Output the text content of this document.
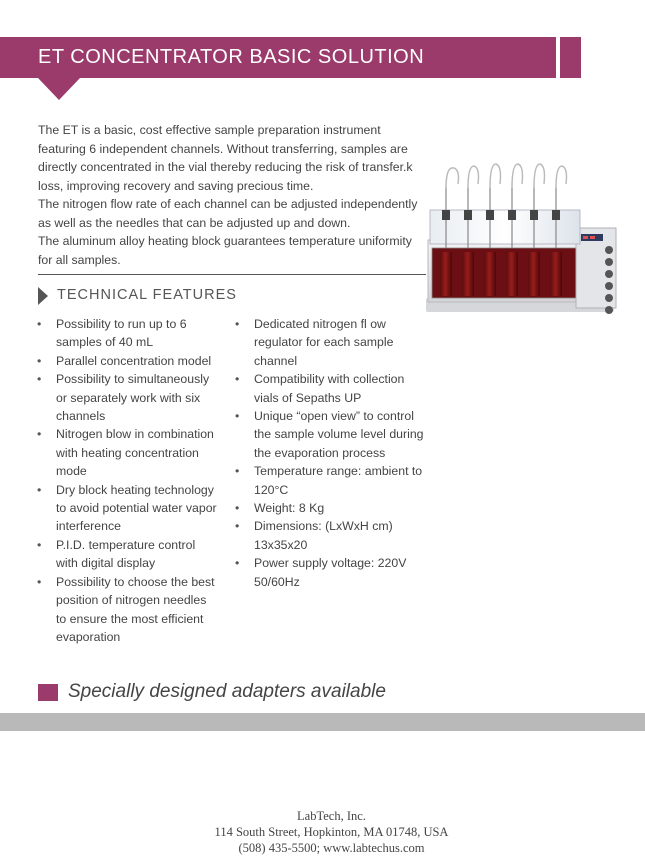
ET CONCENTRATOR BASIC SOLUTION

The ET is a basic, cost effective sample preparation instrument

featuring 6 independent channels. Without transferring, samples are

directly concentrated in the vial thereby reducing the risk of transfer.k

loss, improving recovery and saving precious time.

The nitrogen flow rate of each channel can be adjusted independently

as well as the needles that can be adjusted up and down.

The aluminum alloy heating block guarantees temperature uniformity

for all samples.

TECHNICAL FEATURES
• Possibility to run up to 6 samples of 40 mL
• Parallel concentration model
• Possibility to simultaneously or separately work with six channels
• Nitrogen blow in combination with heating concentration mode
• Dry block heating technology to avoid potential water vapor interference
• P.I.D. temperature control with digital display
• Possibility to choose the best position of nitrogen needles to ensure the most efficient evaporation
• Dedicated nitrogen fl ow regulator for each sample channel
• Compatibility with collection vials of Sepaths UP
• Unique “open view” to control the sample volume level during the evaporation process
• Temperature range: ambient to 120°C
• Weight: 8 Kg
• Dimensions: (LxWxH cm) 13x35x20
• Power supply voltage: 220V 50/60Hz
Specially designed adapters available
LabTech, Inc.
114 South Street, Hopkinton, MA 01748, USA
(508) 435-5500; www.labtechus.com
